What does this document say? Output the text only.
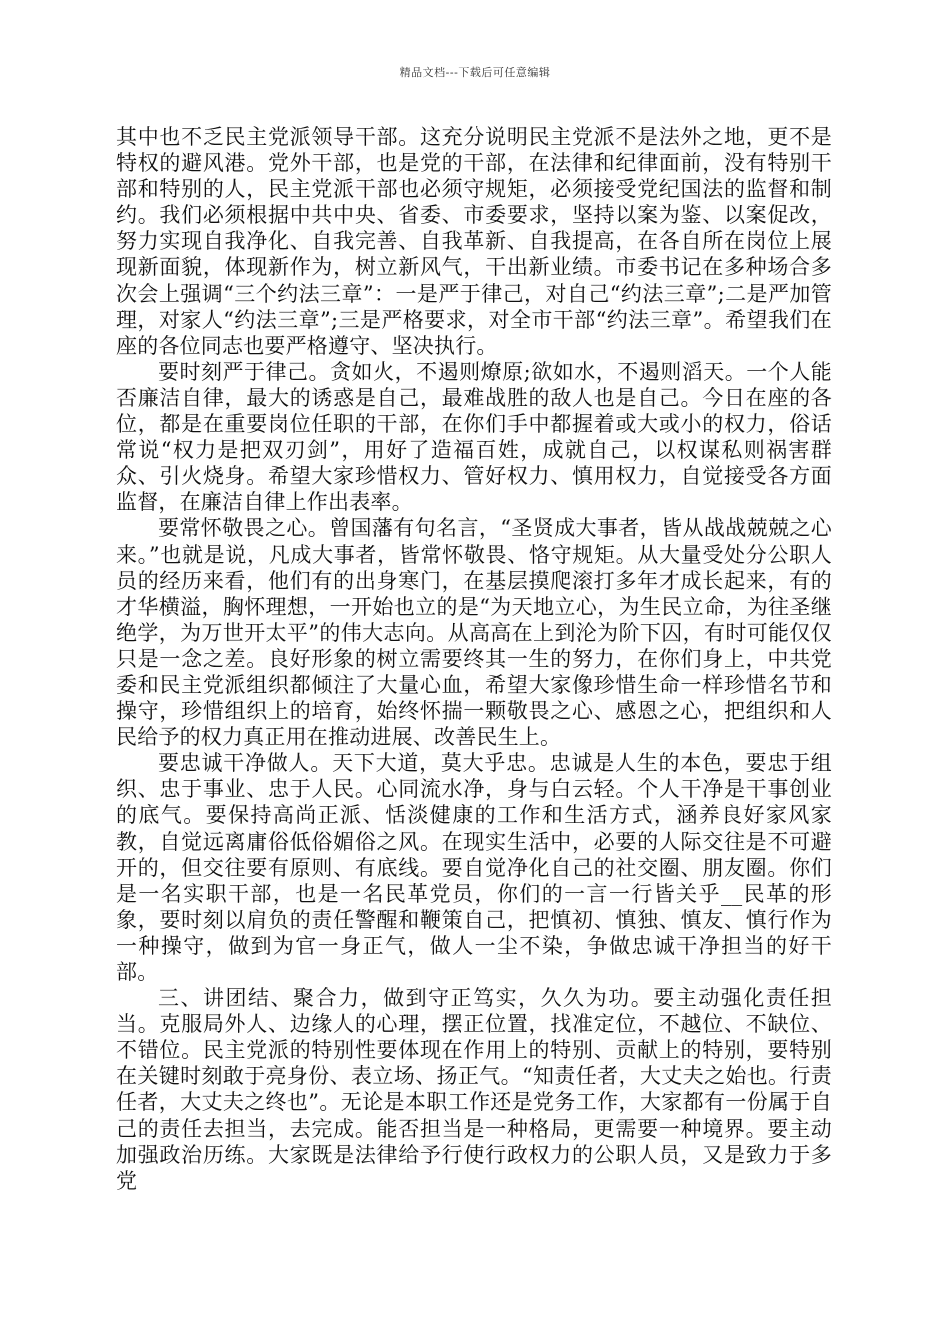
精品文档---下载后可任意编辑

其中也不乏民主党派领导干部。这充分说明民主党派不是法外之地，更不是特权的避风港。党外干部，也是党的干部，在法律和纪律面前，没有特别干部和特别的人，民主党派干部也必须守规矩，必须接受党纪国法的监督和制约。我们必须根据中共中央、省委、市委要求，坚持以案为鉴、以案促改，努力实现自我净化、自我完善、自我革新、自我提高，在各自所在岗位上展现新面貌，体现新作为，树立新风气，干出新业绩。市委书记在多种场合多次会上强调“三个约法三章”：一是严于律己，对自己“约法三章”;二是严加管理，对家人“约法三章”;三是严格要求，对全市干部“约法三章”。希望我们在座的各位同志也要严格遵守、坚决执行。

要时刻严于律己。贪如火，不遏则燎原;欲如水，不遏则滔天。一个人能否廉洁自律，最大的诱惑是自己，最难战胜的敌人也是自己。今日在座的各位，都是在重要岗位任职的干部，在你们手中都握着或大或小的权力，俗话常说“权力是把双刃剑”，用好了造福百姓，成就自己，以权谋私则祸害群众、引火烧身。希望大家珍惜权力、管好权力、慎用权力，自觉接受各方面监督，在廉洁自律上作出表率。

要常怀敬畏之心。曾国藩有句名言，“圣贤成大事者，皆从战战兢兢之心来。”也就是说，凡成大事者，皆常怀敬畏、恪守规矩。从大量受处分公职人员的经历来看，他们有的出身寒门，在基层摸爬滚打多年才成长起来，有的才华横溢，胸怀理想，一开始也立的是“为天地立心，为生民立命，为往圣继绝学，为万世开太平”的伟大志向。从高高在上到沦为阶下囚，有时可能仅仅只是一念之差。良好形象的树立需要终其一生的努力，在你们身上，中共党委和民主党派组织都倾注了大量心血，希望大家像珍惜生命一样珍惜名节和操守，珍惜组织上的培育，始终怀揣一颗敬畏之心、感恩之心，把组织和人民给予的权力真正用在推动进展、改善民生上。

要忠诚干净做人。天下大道，莫大乎忠。忠诚是人生的本色，要忠于组织、忠于事业、忠于人民。心同流水净，身与白云轻。个人干净是干事创业的底气。要保持高尚正派、恬淡健康的工作和生活方式，涵养良好家风家教，自觉远离庸俗低俗媚俗之风。在现实生活中，必要的人际交往是不可避开的，但交往要有原则、有底线。要自觉净化自己的社交圈、朋友圈。你们是一名实职干部，也是一名民革党员，你们的一言一行皆关乎__民革的形象，要时刻以肩负的责任警醒和鞭策自己，把慎初、慎独、慎友、慎行作为一种操守，做到为官一身正气，做人一尘不染，争做忠诚干净担当的好干部。

三、讲团结、聚合力，做到守正笃实，久久为功。要主动强化责任担当。克服局外人、边缘人的心理，摆正位置，找准定位，不越位、不缺位、不错位。民主党派的特别性要体现在作用上的特别、贡献上的特别，要特别在关键时刻敢于亮身份、表立场、扬正气。“知责任者，大丈夫之始也。行责任者，大丈夫之终也”。无论是本职工作还是党务工作，大家都有一份属于自己的责任去担当，去完成。能否担当是一种格局，更需要一种境界。要主动加强政治历练。大家既是法律给予行使行政权力的公职人员，又是致力于多党
